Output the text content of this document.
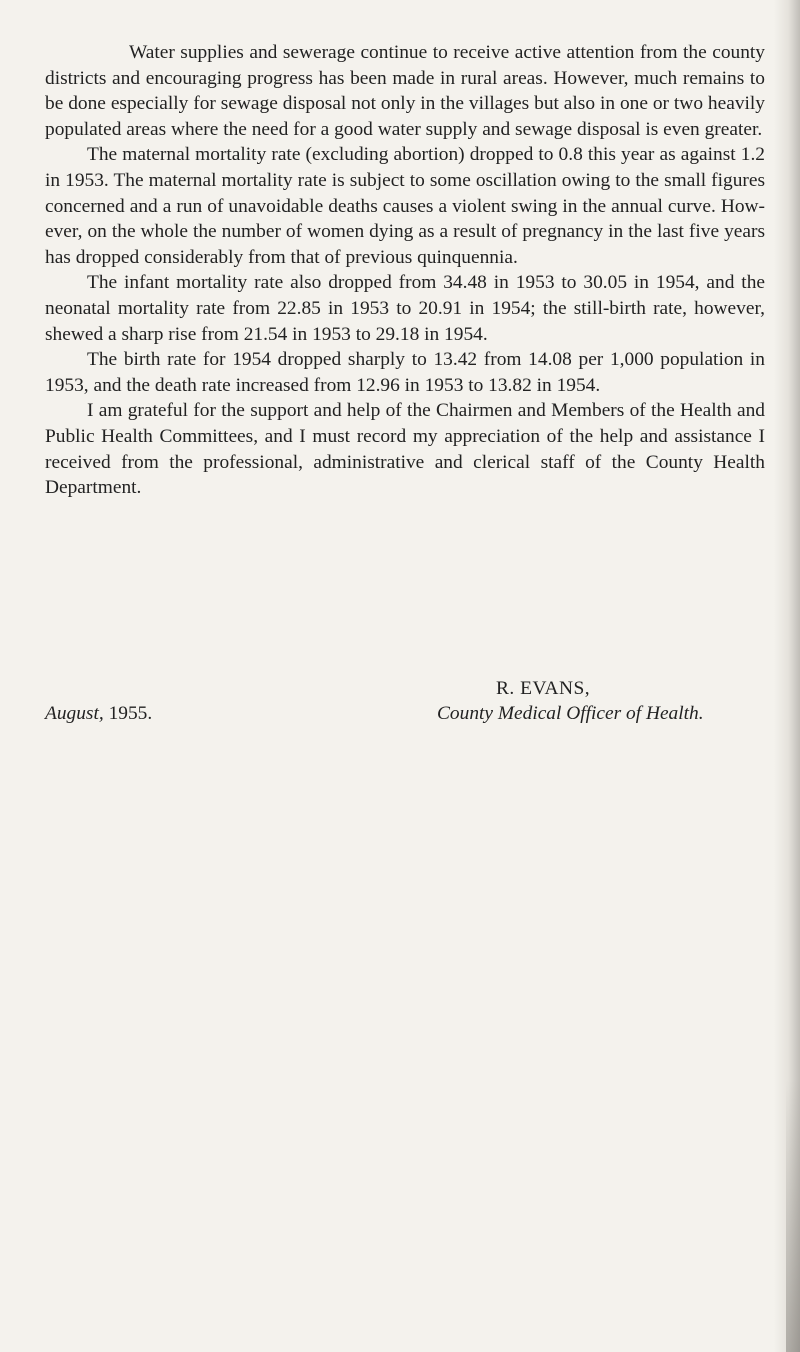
Water supplies and sewerage continue to receive active attention from the county districts and encouraging progress has been made in rural areas. However, much remains to be done especially for sewage disposal not only in the villages but also in one or two heavily populated areas where the need for a good water supply and sewage disposal is even greater.

The maternal mortality rate (excluding abortion) dropped to 0.8 this year as against 1.2 in 1953. The maternal mortality rate is subject to some oscillation owing to the small figures concerned and a run of unavoidable deaths causes a violent swing in the annual curve. How-ever, on the whole the number of women dying as a result of pregnancy in the last five years has dropped considerably from that of previous quinquennia.

The infant mortality rate also dropped from 34.48 in 1953 to 30.05 in 1954, and the neonatal mortality rate from 22.85 in 1953 to 20.91 in 1954; the still-birth rate, however, shewed a sharp rise from 21.54 in 1953 to 29.18 in 1954.

The birth rate for 1954 dropped sharply to 13.42 from 14.08 per 1,000 population in 1953, and the death rate increased from 12.96 in 1953 to 13.82 in 1954.

I am grateful for the support and help of the Chairmen and Members of the Health and Public Health Committees, and I must record my appreciation of the help and assistance I received from the professional, administrative and clerical staff of the County Health Department.

R. EVANS,
August, 1955.	County Medical Officer of Health.
